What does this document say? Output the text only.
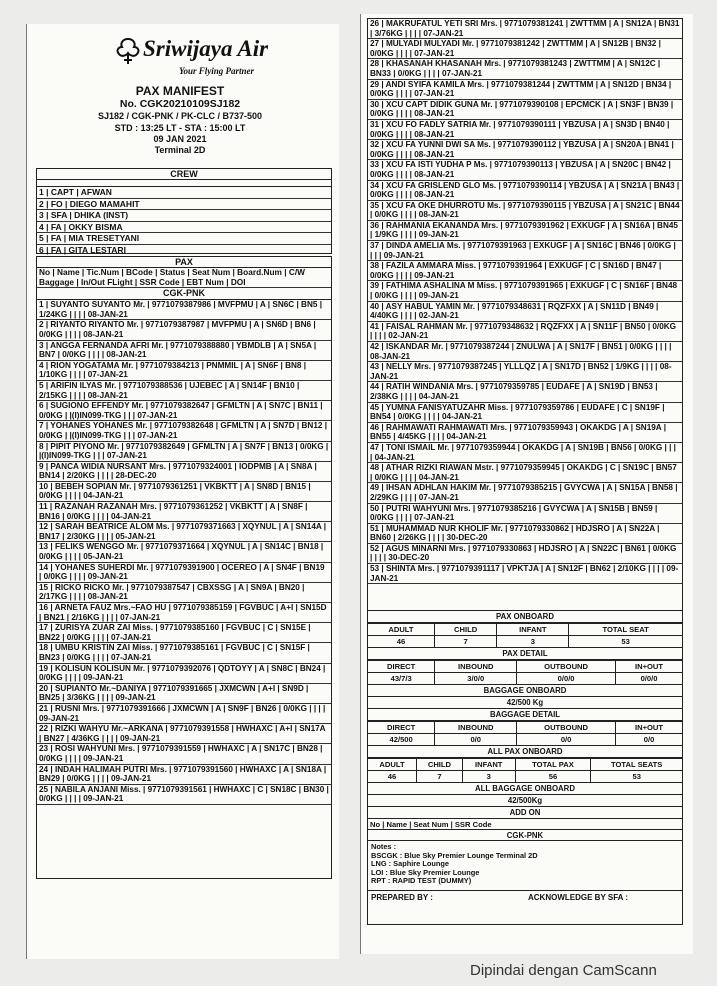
Sriwijaya Air
Your Flying Partner
PAX MANIFEST
No. CGK20210109SJ182
SJ182 / CGK-PNK / PK-CLC / B737-500
STD : 13:25 LT - STA : 15:00 LT
09 JAN 2021
Terminal 2D
CREW
1 | CAPT | AFWAN
2 | FO | DIEGO MAMAHIT
3 | SFA | DHIKA (INST)
4 | FA | OKKY BISMA
5 | FA | MIA TRESETYANI
6 | FA | GITA LESTARI
PAX
No | Name | Tic.Num | BCode | Status | Seat Num | Board.Num | C/W Baggage | In/Out FLight | SSR Code | EBT Num | DOI
CGK-PNK
1 | SUYANTO SUYANTO Mr. | 9771079387986 | MVFPMU | A | SN6C | BN5 | 1/24KG | | | | 08-JAN-21
2 | RIYANTO RIYANTO Mr. | 9771079387987 | MVFPMU | A | SN6D | BN6 | 0/0KG | | | | 08-JAN-21
3 | ANGGA FERNANDA AFRI Mr. | 9771079388880 | YBMDLB | A | SN5A | BN7 | 0/0KG | | | | 08-JAN-21
4 | RION YOGATAMA Mr. | 9771079384213 | PNMMIL | A | SN6F | BN8 | 1/10KG | | | | 07-JAN-21
5 | ARIFIN ILYAS Mr. | 9771079388536 | UJEBEC | A | SN14F | BN10 | 2/15KG | | | | 08-JAN-21
6 | SUGIONO EFFENDY Mr. | 9771079382647 | GFMLTN | A | SN7C | BN11 | 0/0KG | |(I)IN099-TKG | | | 07-JAN-21
7 | YOHANES YOHANES Mr. | 9771079382648 | GFMLTN | A | SN7D | BN12 | 0/0KG | |(I)IN099-TKG | | | 07-JAN-21
8 | PIPIT PIYONO Mr. | 9771079382649 | GFMLTN | A | SN7F | BN13 | 0/0KG | |(I)IN099-TKG | | | 07-JAN-21
9 | PANCA WIDIA NURSANT Mrs. | 9771079324001 | IODPMB | A | SN8A | BN14 | 2/20KG | | | | 28-DEC-20
10 | BEBEH SOPIAN Mr. | 9771079361251 | VKBKTT | A | SN8D | BN15 | 0/0KG | | | | 04-JAN-21
11 | RAZANAH RAZANAH Mrs. | 9771079361252 | VKBKTT | A | SN8F | BN16 | 0/0KG | | | | 04-JAN-21
12 | SARAH BEATRICE ALOM Ms. | 9771079371663 | XQYNUL | A | SN14A | BN17 | 2/30KG | | | | 05-JAN-21
13 | FELIKS WENGGO Mr. | 9771079371664 | XQYNUL | A | SN14C | BN18 | 0/0KG | | | | 05-JAN-21
14 | YOHANES SUHERDI Mr. | 9771079391900 | OCEREO | A | SN4F | BN19 | 0/0KG | | | | 09-JAN-21
15 | RICKO RICKO Mr. | 9771079387547 | CBXSSG | A | SN9A | BN20 | 2/17KG | | | | 08-JAN-21
16 | ARNETA FAUZ Mrs.~FAO HU | 9771079385159 | FGVBUC | A+I | SN15D | BN21 | 2/16KG | | | | 07-JAN-21
17 | ZURISYA ZUAR ZAI Miss. | 9771079385160 | FGVBUC | C | SN15E | BN22 | 0/0KG | | | | 07-JAN-21
18 | UMBU KRISTIN ZAI Miss. | 9771079385161 | FGVBUC | C | SN15F | BN23 | 0/0KG | | | | 07-JAN-21
19 | KOLISUN KOLISUN Mr. | 9771079392076 | QDTOYY | A | SN8C | BN24 | 0/0KG | | | | 09-JAN-21
20 | SUPIANTO Mr.~DANIYA | 9771079391665 | JXMCWN | A+I | SN9D | BN25 | 3/36KG | | | | 09-JAN-21
21 | RUSNI Mrs. | 9771079391666 | JXMCWN | A | SN9F | BN26 | 0/0KG | | | | 09-JAN-21
22 | RIZKI WAHYU Mr.~ARKANA | 9771079391558 | HWHAXC | A+I | SN17A | BN27 | 4/36KG | | | | 09-JAN-21
23 | ROSI WAHYUNI Mrs. | 9771079391559 | HWHAXC | A | SN17C | BN28 | 0/0KG | | | | 09-JAN-21
24 | INDAH HALIMAH PUTRI Mrs. | 9771079391560 | HWHAXC | A | SN18A | BN29 | 0/0KG | | | | 09-JAN-21
25 | NABILA ANJANI Miss. | 9771079391561 | HWHAXC | C | SN18C | BN30 | 0/0KG | | | | 09-JAN-21
26 | MAKRUFATUL YETI SRI Mrs. | 9771079381241 | ZWTTMM | A | SN12A | BN31 | 3/76KG | | | | 07-JAN-21
27 | MULYADI MULYADI Mr. | 9771079381242 | ZWTTMM | A | SN12B | BN32 | 0/0KG | | | | 07-JAN-21
28 | KHASANAH KHASANAH Mrs. | 9771079381243 | ZWTTMM | A | SN12C | BN33 | 0/0KG | | | | 07-JAN-21
29 | ANDI SYIFA KAMILA Mrs. | 9771079381244 | ZWTTMM | A | SN12D | BN34 | 0/0KG | | | | 07-JAN-21
30 | XCU CAPT DIDIK GUNA Mr. | 9771079390108 | EPCMCK | A | SN3F | BN39 | 0/0KG | | | | 08-JAN-21
31 | XCU FO FADLY SATRIA Mr. | 9771079390111 | YBZUSA | A | SN3D | BN40 | 0/0KG | | | | 08-JAN-21
32 | XCU FA YUNNI DWI SA Ms. | 9771079390112 | YBZUSA | A | SN20A | BN41 | 0/0KG | | | | 08-JAN-21
33 | XCU FA ISTI YUDHA P Ms. | 9771079390113 | YBZUSA | A | SN20C | BN42 | 0/0KG | | | | 08-JAN-21
34 | XCU FA GRISLEND GLO Ms. | 9771079390114 | YBZUSA | A | SN21A | BN43 | 0/0KG | | | | 08-JAN-21
35 | XCU FA OKE DHURROTU Ms. | 9771079390115 | YBZUSA | A | SN21C | BN44 | 0/0KG | | | | 08-JAN-21
36 | RAHMANIA EKANANDA Mrs. | 9771079391962 | EXKUGF | A | SN16A | BN45 | 1/9KG | | | | 09-JAN-21
37 | DINDA AMELIA Ms. | 9771079391963 | EXKUGF | A | SN16C | BN46 | 0/0KG | | | | 09-JAN-21
38 | FAZILA AMMARA Miss. | 9771079391964 | EXKUGF | C | SN16D | BN47 | 0/0KG | | | | 09-JAN-21
39 | FATHIMA ASHALINA M Miss. | 9771079391965 | EXKUGF | C | SN16F | BN48 | 0/0KG | | | | 09-JAN-21
40 | ASY HABUL YAMIN Mr. | 9771079348631 | RQZFXX | A | SN11D | BN49 | 4/40KG | | | | 02-JAN-21
41 | FAISAL RAHMAN Mr. | 9771079348632 | RQZFXX | A | SN11F | BN50 | 0/0KG | | | | 02-JAN-21
42 | ISKANDAR Mr. | 9771079387244 | ZNULWA | A | SN17F | BN51 | 0/0KG | | | | 08-JAN-21
43 | NELLY Mrs. | 9771079387245 | YLLLQZ | A | SN17D | BN52 | 1/9KG | | | | 08-JAN-21
44 | RATIH WINDANIA Mrs. | 9771079359785 | EUDAFE | A | SN19D | BN53 | 2/38KG | | | | 04-JAN-21
45 | YUMNA FANISYATUZAHR Miss. | 9771079359786 | EUDAFE | C | SN19F | BN54 | 0/0KG | | | | 04-JAN-21
46 | RAHMAWATI RAHMAWATI Mrs. | 9771079359943 | OKAKDG | A | SN19A | BN55 | 4/45KG | | | | 04-JAN-21
47 | TONI ISMAIL Mr. | 9771079359944 | OKAKDG | A | SN19B | BN56 | 0/0KG | | | | 04-JAN-21
48 | ATHAR RIZKI RIAWAN Mstr. | 9771079359945 | OKAKDG | C | SN19C | BN57 | 0/0KG | | | | 04-JAN-21
49 | IHSAN ADHLAN HAKIM Mr. | 9771079385215 | GVYCWA | A | SN15A | BN58 | 2/29KG | | | | 07-JAN-21
50 | PUTRI WAHYUNI Mrs. | 9771079385216 | GVYCWA | A | SN15B | BN59 | 0/0KG | | | | 07-JAN-21
51 | MUHAMMAD NUR KHOLIF Mr. | 9771079330862 | HDJSRO | A | SN22A | BN60 | 2/26KG | | | | 30-DEC-20
52 | AGUS MINARNI Mrs. | 9771079330863 | HDJSRO | A | SN22C | BN61 | 0/0KG | | | | 30-DEC-20
53 | SHINTA Mrs. | 9771079391117 | VPKTJA | A | SN12F | BN62 | 2/10KG | | | | 09-JAN-21
PAX ONBOARD
ADULT	CHILD	INFANT	TOTAL SEAT
46	7	3	53
PAX DETAIL
DIRECT	INBOUND	OUTBOUND	IN+OUT
43/7/3	3/0/0	0/0/0	0/0/0
BAGGAGE ONBOARD
42/500 Kg
BAGGAGE DETAIL
DIRECT	INBOUND	OUTBOUND	IN+OUT
42/500	0/0	0/0	0/0
ALL PAX ONBOARD
ADULT	CHILD	INFANT	TOTAL PAX	TOTAL SEATS
46	7	3	56	53
ALL BAGGAGE ONBOARD
42/500Kg
ADD ON
No | Name | Seat Num | SSR Code
CGK-PNK
Notes :
BSCGK : Blue Sky Premier Lounge Terminal 2D
LNG : Saphire Lounge
LOI : Blue Sky Premier Lounge
RPT : RAPID TEST (DUMMY)
PREPARED BY :	ACKNOWLEDGE BY SFA :
Dipindai dengan CamScann
